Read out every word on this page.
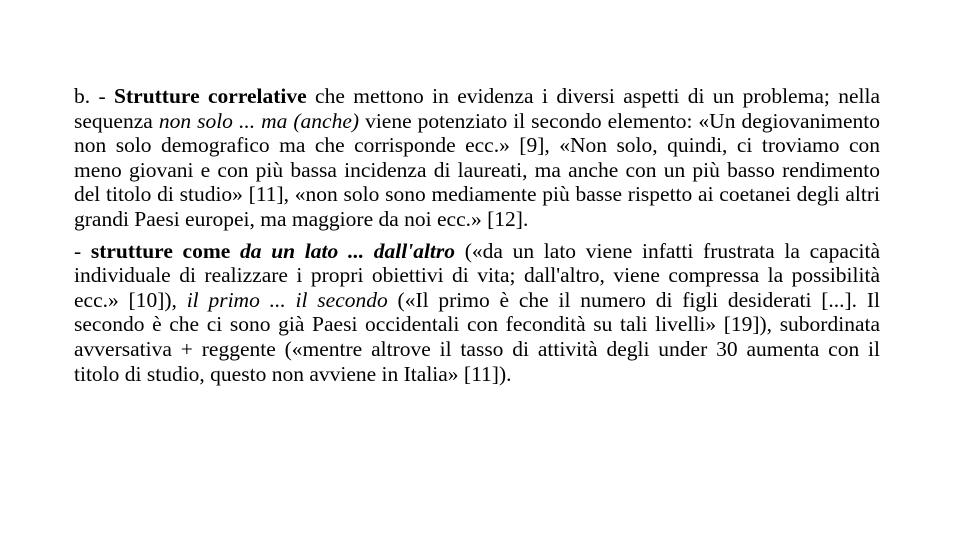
b. - Strutture correlative che mettono in evidenza i diversi aspetti di un problema; nella sequenza non solo ... ma (anche) viene potenziato il secondo elemento: «Un degiovanimento non solo demografico ma che corrisponde ecc.» [9], «Non solo, quindi, ci troviamo con meno giovani e con più bassa incidenza di laureati, ma anche con un più basso rendimento del titolo di studio» [11], «non solo sono mediamente più basse rispetto ai coetanei degli altri grandi Paesi europei, ma maggiore da noi ecc.» [12].

- strutture come da un lato ... dall'altro («da un lato viene infatti frustrata la capacità individuale di realizzare i propri obiettivi di vita; dall'altro, viene compressa la possibilità ecc.» [10]), il primo ... il secondo («Il primo è che il numero di figli desiderati [...]. Il secondo è che ci sono già Paesi occidentali con fecondità su tali livelli» [19]), subordinata avversativa + reggente («mentre altrove il tasso di attività degli under 30 aumenta con il titolo di studio, questo non avviene in Italia» [11]).
